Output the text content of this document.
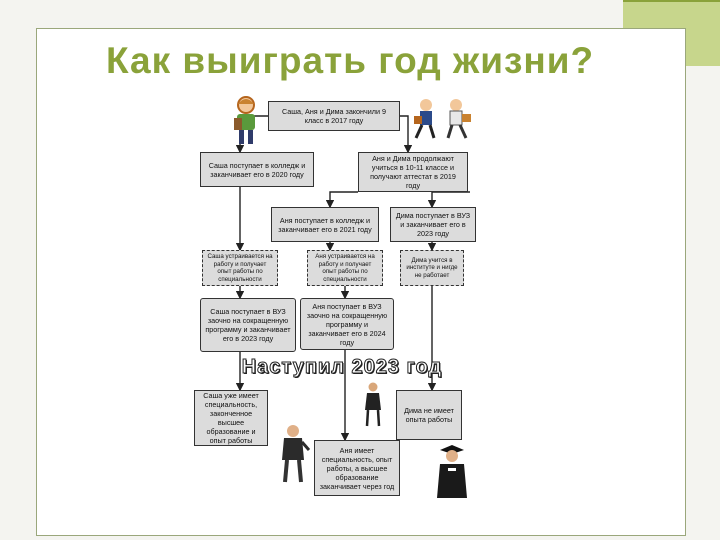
Как выиграть год жизни?
Саша, Аня и Дима закончили 9 класс в 2017 году
Саша поступает в колледж и заканчивает его в 2020 году
Аня и Дима продолжают учиться в 10-11 классе и получают аттестат в 2019 году
Аня поступает в колледж и заканчивает его в 2021 году
Дима поступает в ВУЗ и заканчивает его в 2023 году
Саша устраивается на работу и получает опыт работы по специальности
Аня устраивается на работу и получает опыт работы по специальности
Дима учится в институте и нигде не работает
Саша поступает в ВУЗ заочно на сокращенную программу и заканчивает его в 2023 году
Аня поступает в ВУЗ заочно на сокращенную программу и заканчивает его в 2024 году
Наступил 2023 год
Саша уже имеет специальность, законченное высшее образование и опыт работы
Дима не имеет опыта работы
Аня имеет специальность, опыт работы, а высшее образование заканчивает через год
